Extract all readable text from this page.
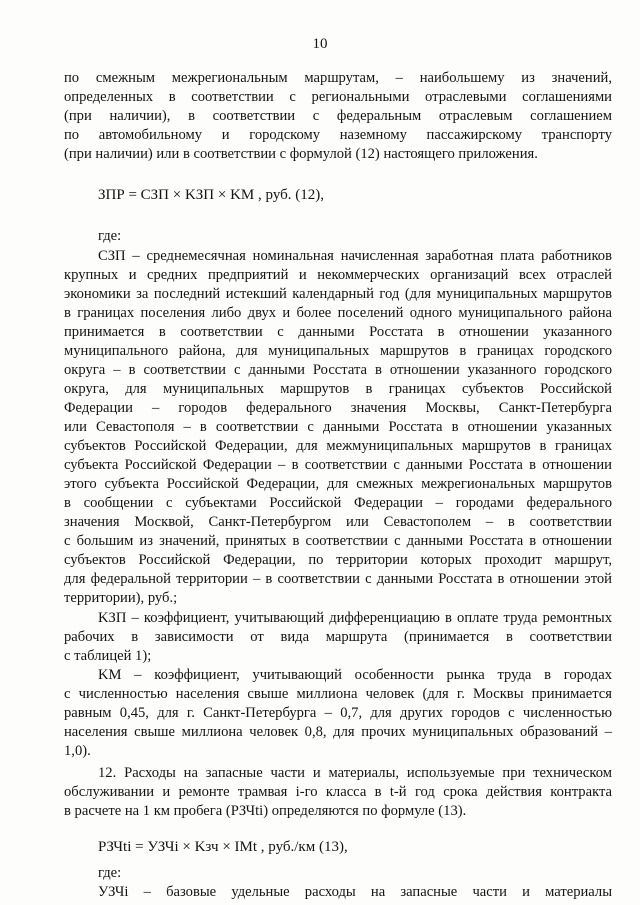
10
по смежным межрегиональным маршрутам, – наибольшему из значений,
определенных в соответствии с региональными отраслевыми соглашениями
(при наличии), в соответствии с федеральным отраслевым соглашением
по автомобильному и городскому наземному пассажирскому транспорту
(при наличии) или в соответствии с формулой (12) настоящего приложения.
ЗПР = СЗП × KЗП × KМ , руб. (12),
где:
СЗП – среднемесячная номинальная начисленная заработная плата работников
крупных и средних предприятий и некоммерческих организаций всех отраслей
экономики за последний истекший календарный год (для муниципальных маршрутов
в границах поселения либо двух и более поселений одного муниципального района
принимается в соответствии с данными Росстата в отношении указанного
муниципального района, для муниципальных маршрутов в границах городского
округа – в соответствии с данными Росстата в отношении указанного городского
округа, для муниципальных маршрутов в границах субъектов Российской
Федерации – городов федерального значения Москвы, Санкт-Петербурга
или Севастополя – в соответствии с данными Росстата в отношении указанных
субъектов Российской Федерации, для межмуниципальных маршрутов в границах
субъекта Российской Федерации – в соответствии с данными Росстата в отношении
этого субъекта Российской Федерации, для смежных межрегиональных маршрутов
в сообщении с субъектами Российской Федерации – городами федерального
значения Москвой, Санкт-Петербургом или Севастополем – в соответствии
с большим из значений, принятых в соответствии с данными Росстата в отношении
субъектов Российской Федерации, по территории которых проходит маршрут,
для федеральной территории – в соответствии с данными Росстата в отношении этой
территории), руб.;
KЗП – коэффициент, учитывающий дифференциацию в оплате труда ремонтных
рабочих в зависимости от вида маршрута (принимается в соответствии
с таблицей 1);
KМ – коэффициент, учитывающий особенности рынка труда в городах
с численностью населения свыше миллиона человек (для г. Москвы принимается
равным 0,45, для г. Санкт-Петербурга – 0,7, для других городов с численностью
населения свыше миллиона человек 0,8, для прочих муниципальных образований –
1,0).
12. Расходы на запасные части и материалы, используемые при техническом
обслуживании и ремонте трамвая i-го класса в t-й год срока действия контракта
в расчете на 1 км пробега (PЗЧti) определяются по формуле (13).
PЗЧti = УЗЧi × Kзч × IMt , руб./км (13),
где:
УЗЧi – базовые удельные расходы на запасные части и материалы
